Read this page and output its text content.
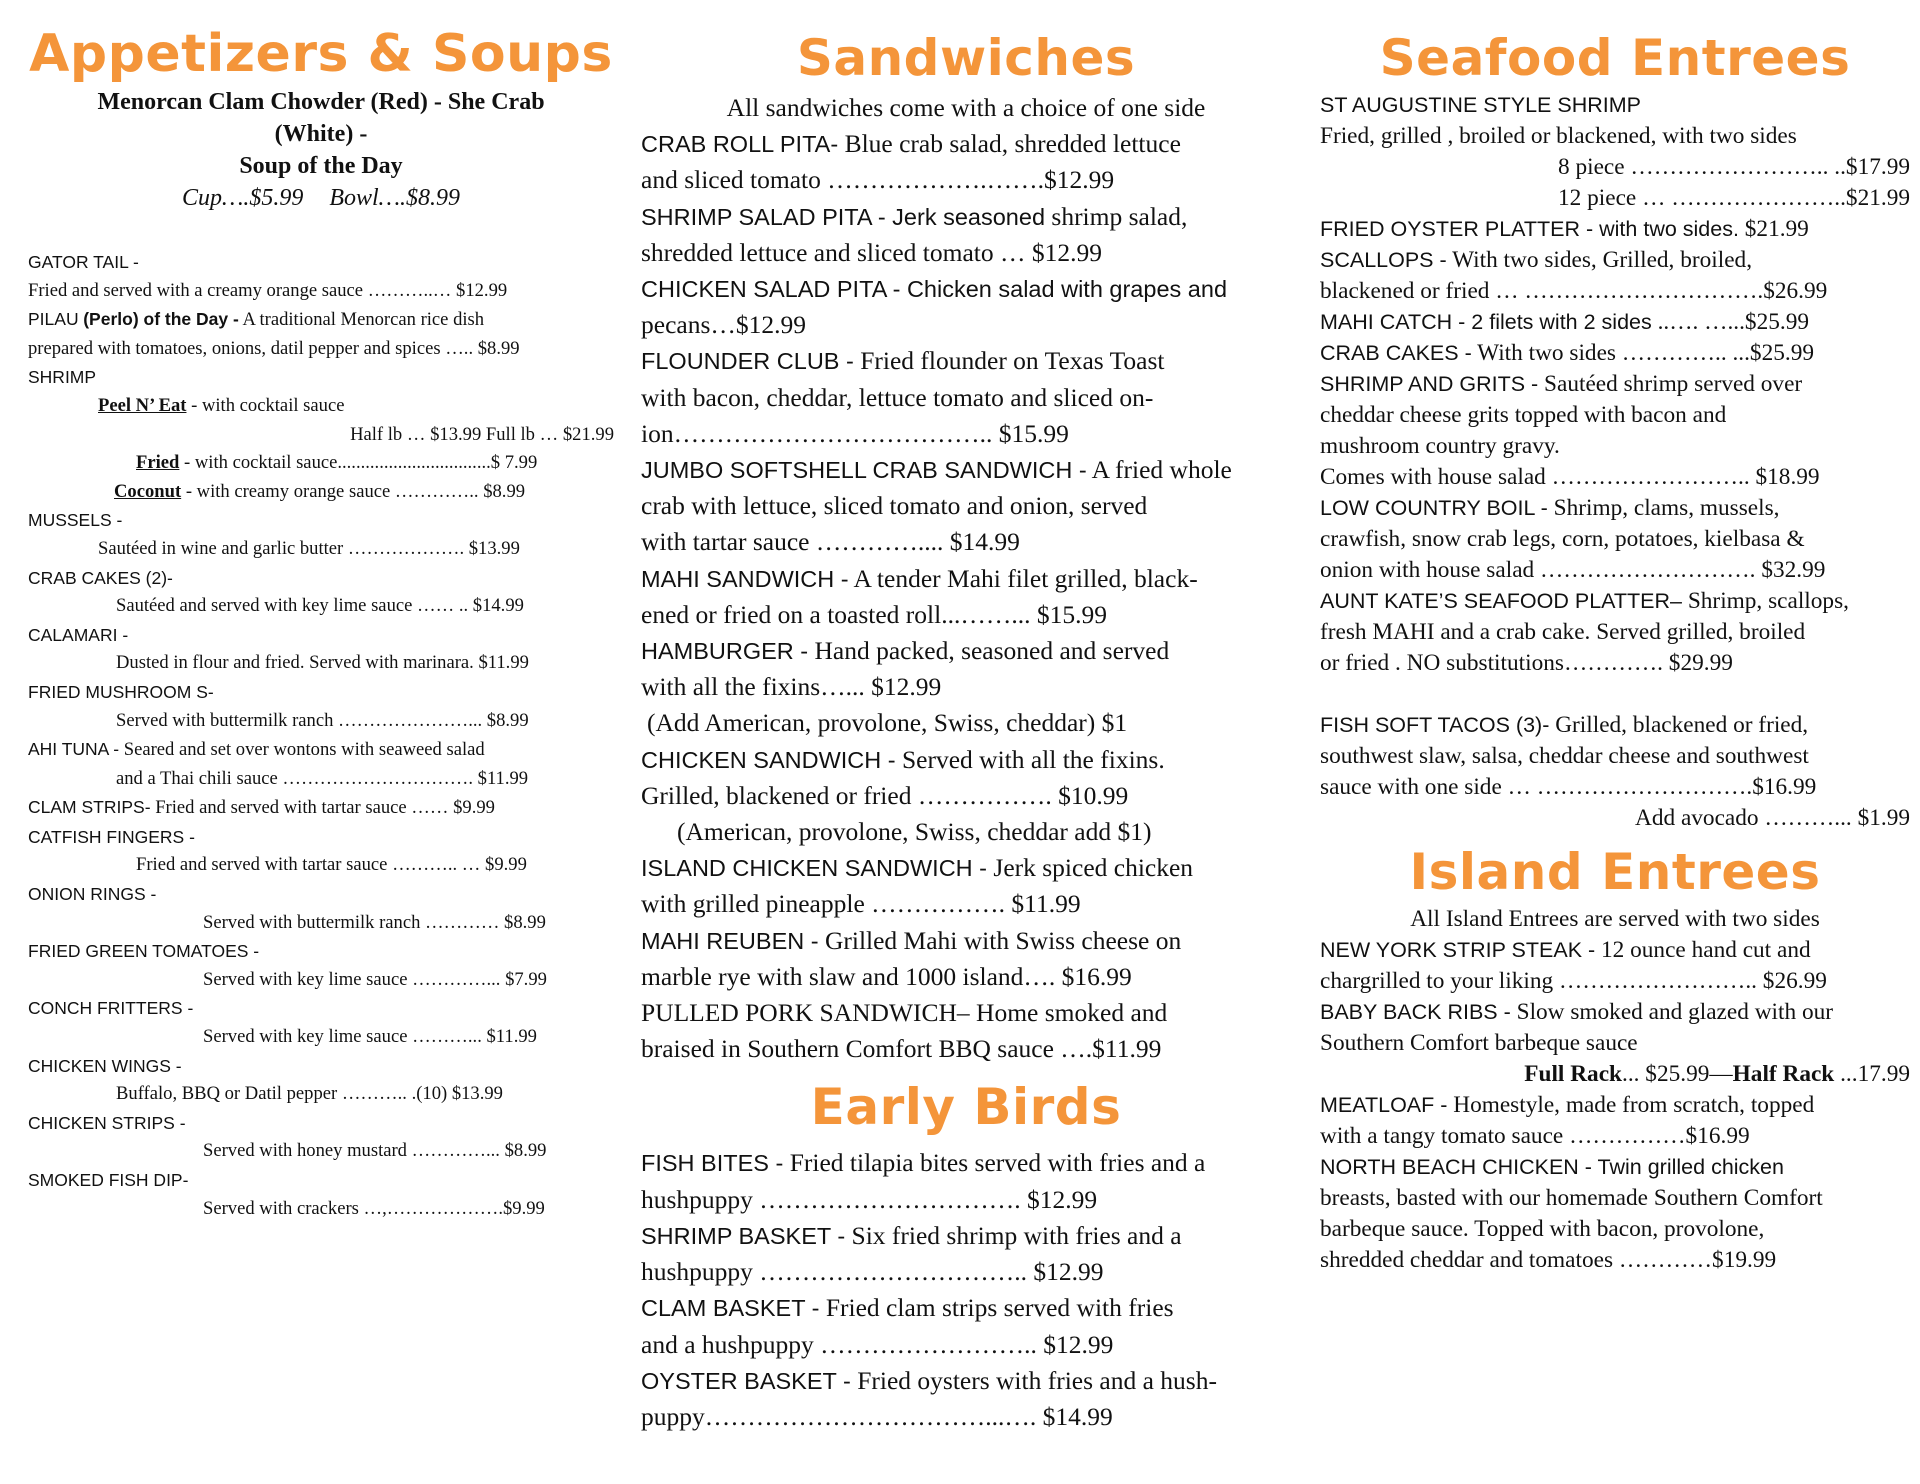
Appetizers & Soups
Menorcan Clam Chowder (Red) - She Crab
(White) -
Soup of the Day
Cup….$5.99 Bowl….$8.99
GATOR TAIL -
Fried and served with a creamy orange sauce ………..… $12.99
PILAU (Perlo) of the Day - A traditional Menorcan rice dish
prepared with tomatoes, onions, datil pepper and spices ….. $8.99
SHRIMP
Peel N’ Eat - with cocktail sauce
Half lb … $13.99 Full lb … $21.99
Fried - with cocktail sauce.................................$ 7.99
Coconut - with creamy orange sauce ………….. $8.99
MUSSELS -
Sautéed in wine and garlic butter ………………. $13.99
CRAB CAKES (2)-
Sautéed and served with key lime sauce …… .. $14.99
CALAMARI -
Dusted in flour and fried. Served with marinara. $11.99
FRIED MUSHROOM S-
Served with buttermilk ranch …………………... $8.99
AHI TUNA - Seared and set over wontons with seaweed salad
and a Thai chili sauce …………………………. $11.99
CLAM STRIPS- Fried and served with tartar sauce …… $9.99
CATFISH FINGERS -
Fried and served with tartar sauce ……….. … $9.99
ONION RINGS -
Served with buttermilk ranch ………… $8.99
FRIED GREEN TOMATOES -
Served with key lime sauce …………... $7.99
CONCH FRITTERS -
Served with key lime sauce ………... $11.99
CHICKEN WINGS -
Buffalo, BBQ or Datil pepper ……….. .(10) $13.99
CHICKEN STRIPS -
Served with honey mustard …………... $8.99
SMOKED FISH DIP-
Served with crackers …,……………….$9.99
Sandwiches
All sandwiches come with a choice of one side
CRAB ROLL PITA- Blue crab salad, shredded lettuce
and sliced tomato ……………….…….$12.99
SHRIMP SALAD PITA - Jerk seasoned shrimp salad,
shredded lettuce and sliced tomato … $12.99
CHICKEN SALAD PITA - Chicken salad with grapes and
pecans…$12.99
FLOUNDER CLUB - Fried flounder on Texas Toast
with bacon, cheddar, lettuce tomato and sliced on-
ion……………………………….. $15.99
JUMBO SOFTSHELL CRAB SANDWICH - A fried whole
crab with lettuce, sliced tomato and onion, served
with tartar sauce ………….... $14.99
MAHI SANDWICH - A tender Mahi filet grilled, black-
ened or fried on a toasted roll...……... $15.99
HAMBURGER - Hand packed, seasoned and served
with all the fixins…... $12.99
(Add American, provolone, Swiss, cheddar) $1
CHICKEN SANDWICH - Served with all the fixins.
Grilled, blackened or fried ……………. $10.99
(American, provolone, Swiss, cheddar add $1)
ISLAND CHICKEN SANDWICH - Jerk spiced chicken
with grilled pineapple ……………. $11.99
MAHI REUBEN - Grilled Mahi with Swiss cheese on
marble rye with slaw and 1000 island…. $16.99
PULLED PORK SANDWICH– Home smoked and
braised in Southern Comfort BBQ sauce ….$11.99
Early Birds
FISH BITES - Fried tilapia bites served with fries and a
hushpuppy …………………………. $12.99
SHRIMP BASKET - Six fried shrimp with fries and a
hushpuppy ………………………….. $12.99
CLAM BASKET - Fried clam strips served with fries
and a hushpuppy …………………….. $12.99
OYSTER BASKET - Fried oysters with fries and a hush-
puppy……………………………...…. $14.99
Seafood Entrees
ST AUGUSTINE STYLE SHRIMP
Fried, grilled , broiled or blackened, with two sides
8 piece …………………….. ..$17.99
12 piece … …………………..$21.99
FRIED OYSTER PLATTER - with two sides. $21.99
SCALLOPS - With two sides, Grilled, broiled,
blackened or fried … ………………………….$26.99
MAHI CATCH - 2 filets with 2 sides ..…. …...$25.99
CRAB CAKES - With two sides ………….. ...$25.99
SHRIMP AND GRITS - Sautéed shrimp served over
cheddar cheese grits topped with bacon and
mushroom country gravy.
Comes with house salad …………………….. $18.99
LOW COUNTRY BOIL - Shrimp, clams, mussels,
crawfish, snow crab legs, corn, potatoes, kielbasa &
onion with house salad ………………………. $32.99
AUNT KATE’S SEAFOOD PLATTER– Shrimp, scallops,
fresh MAHI and a crab cake. Served grilled, broiled
or fried . NO substitutions…………. $29.99
FISH SOFT TACOS (3)- Grilled, blackened or fried,
southwest slaw, salsa, cheddar cheese and southwest
sauce with one side … ……………………….$16.99
Add avocado ………... $1.99
Island Entrees
All Island Entrees are served with two sides
NEW YORK STRIP STEAK - 12 ounce hand cut and
chargrilled to your liking …………………….. $26.99
BABY BACK RIBS - Slow smoked and glazed with our
Southern Comfort barbeque sauce
Full Rack... $25.99—Half Rack ...17.99
MEATLOAF - Homestyle, made from scratch, topped
with a tangy tomato sauce ……………$16.99
NORTH BEACH CHICKEN - Twin grilled chicken
breasts, basted with our homemade Southern Comfort
barbeque sauce. Topped with bacon, provolone,
shredded cheddar and tomatoes …………$19.99
